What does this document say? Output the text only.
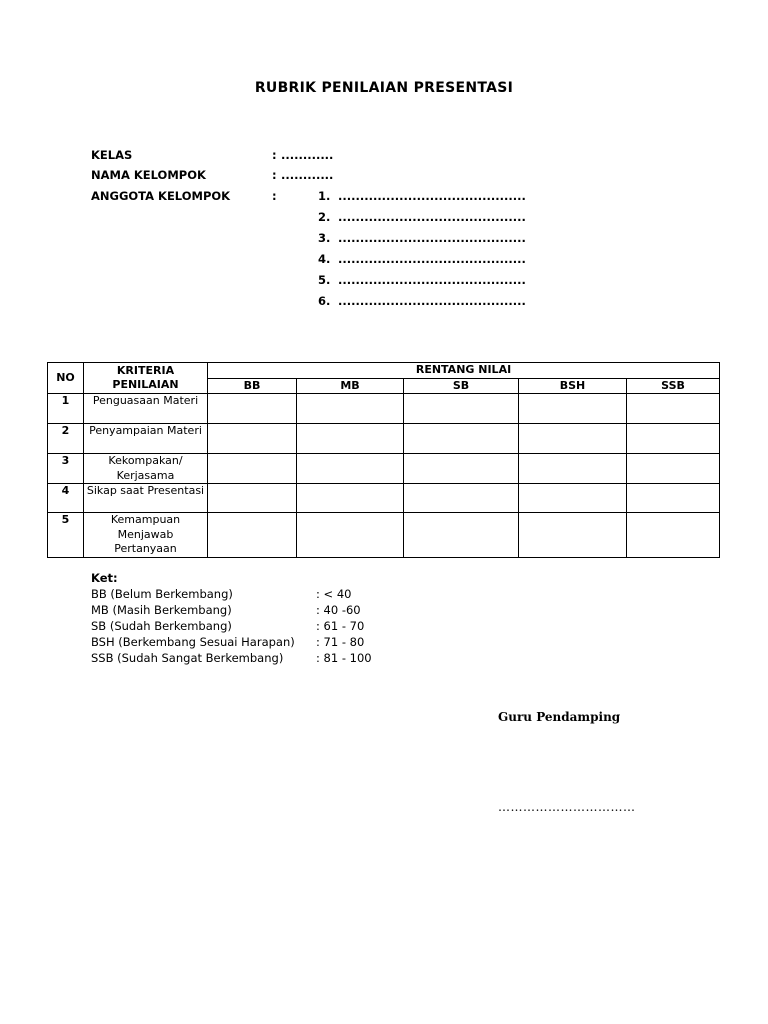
RUBRIK PENILAIAN PRESENTASI
KELAS	: ............
NAMA KELOMPOK	: ............
ANGGOTA KELOMPOK	:	1. ...........................................
2. ...........................................
3. ...........................................
4. ...........................................
5. ...........................................
6. ...........................................
NO	KRITERIA PENILAIAN	RENTANG NILAI				
		BB	MB	SB	BSH	SSB
1	Penguasaan Materi					
2	Penyampaian Materi					
3	Kekompakan/ Kerjasama					
4	Sikap saat Presentasi					
5	Kemampuan Menjawab Pertanyaan					
Ket:
BB (Belum Berkembang)	: < 40
MB (Masih Berkembang)	: 40 -60
SB (Sudah Berkembang)	: 61 - 70
BSH (Berkembang Sesuai Harapan) : 71 - 80
SSB (Sudah Sangat Berkembang)	: 81 - 100
Guru Pendamping
……………………………
